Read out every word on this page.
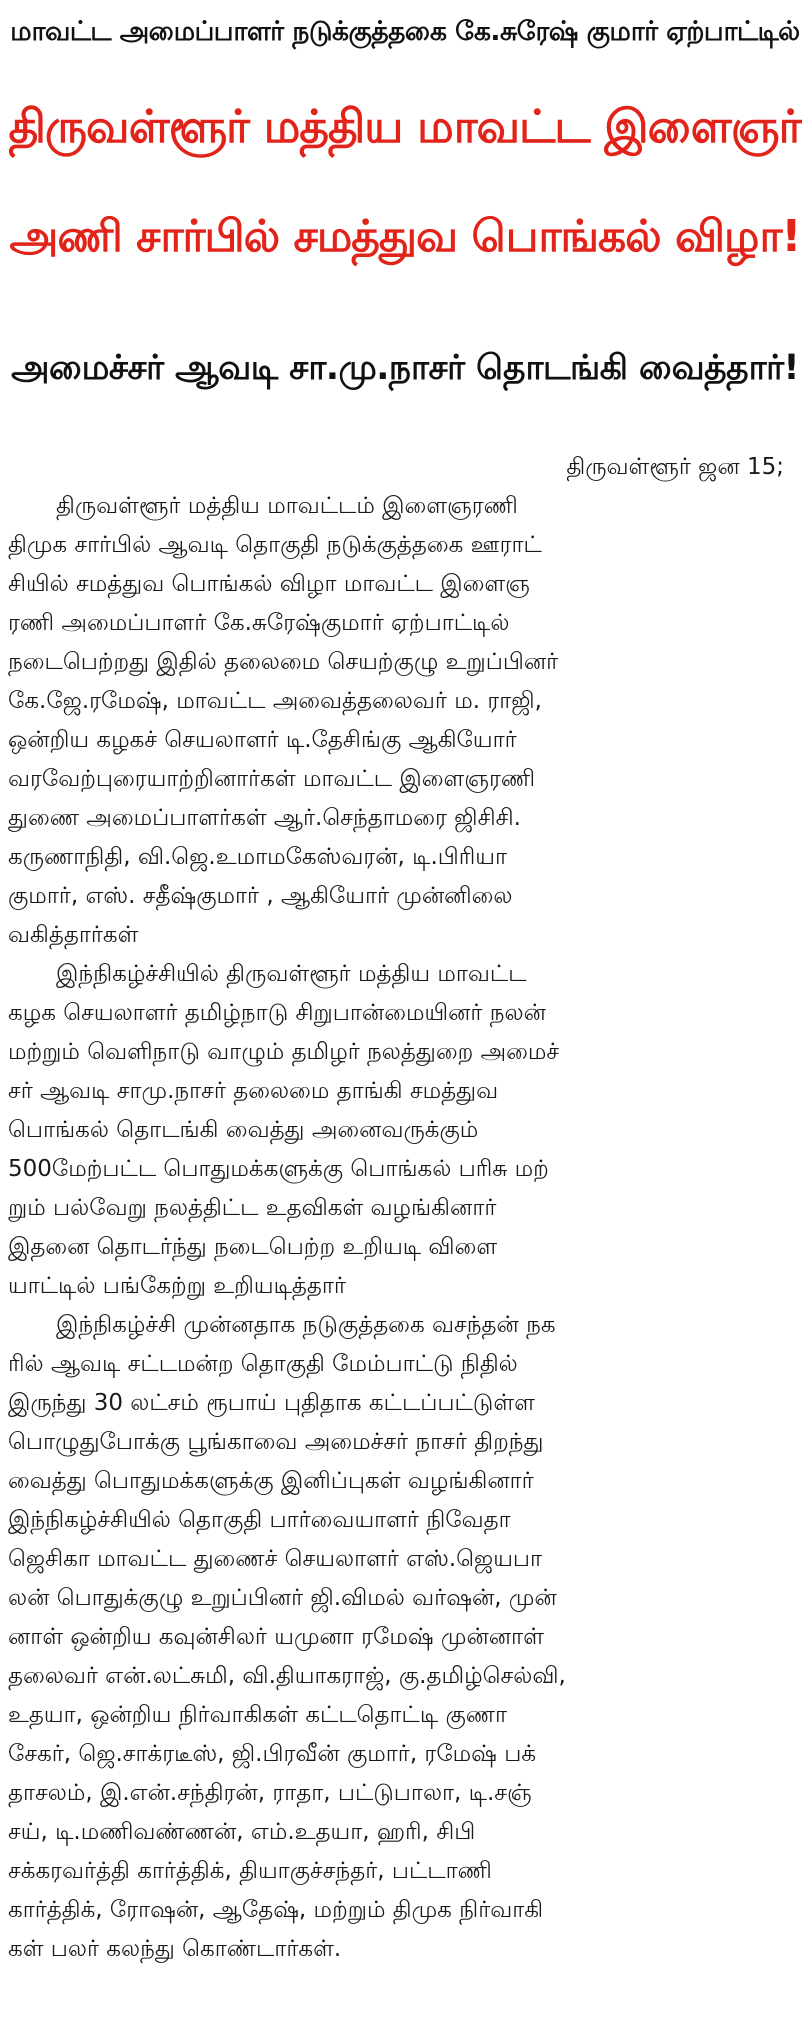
மாவட்ட அமைப்பாளர் நடுக்குத்தகை கே.சுரேஷ் குமார் ஏற்பாட்டில்
திருவள்ளூர் மத்திய மாவட்ட இளைஞர்
அணி சார்பில் சமத்துவ பொங்கல் விழா!
அமைச்சர் ஆவடி சா.மு.நாசர் தொடங்கி வைத்தார்!
திருவள்ளூர் ஜன 15;
திருவள்ளூர் மத்திய மாவட்டம் இளைஞரணி
திமுக சார்பில் ஆவடி தொகுதி நடுக்குத்தகை ஊராட்
சியில் சமத்துவ பொங்கல் விழா மாவட்ட இளைஞ
ரணி அமைப்பாளர் கே.சுரேஷ்குமார் ஏற்பாட்டில்
நடைபெற்றது இதில் தலைமை செயற்குழு உறுப்பினர்
கே.ஜே.ரமேஷ், மாவட்ட அவைத்தலைவர் ம. ராஜி,
ஒன்றிய கழகச் செயலாளர் டி.தேசிங்கு ஆகியோர்
வரவேற்புரையாற்றினார்கள் மாவட்ட இளைஞரணி
துணை அமைப்பாளர்கள் ஆர்.செந்தாமரை ஜிசிசி.
கருணாநிதி, வி.ஜெ.உமாமகேஸ்வரன், டி.பிரியா
குமார், எஸ். சதீஷ்குமார் , ஆகியோர் முன்னிலை
வகித்தார்கள்
இந்நிகழ்ச்சியில் திருவள்ளூர் மத்திய மாவட்ட
கழக செயலாளர் தமிழ்நாடு சிறுபான்மையினர் நலன்
மற்றும் வெளிநாடு வாழும் தமிழர் நலத்துறை அமைச்
சர் ஆவடி சாமு.நாசர் தலைமை தாங்கி சமத்துவ
பொங்கல் தொடங்கி வைத்து அனைவருக்கும்
500மேற்பட்ட பொதுமக்களுக்கு பொங்கல் பரிசு மற்
றும் பல்வேறு நலத்திட்ட உதவிகள் வழங்கினார்
இதனை தொடர்ந்து நடைபெற்ற உறியடி விளை
யாட்டில் பங்கேற்று உறியடித்தார்
இந்நிகழ்ச்சி முன்னதாக நடுகுத்தகை வசந்தன் நக
ரில் ஆவடி சட்டமன்ற தொகுதி மேம்பாட்டு நிதில்
இருந்து 30 லட்சம் ரூபாய் புதிதாக கட்டப்பட்டுள்ள
பொழுதுபோக்கு பூங்காவை அமைச்சர் நாசர் திறந்து
வைத்து பொதுமக்களுக்கு இனிப்புகள் வழங்கினார்
இந்நிகழ்ச்சியில் தொகுதி பார்வையாளர் நிவேதா
ஜெசிகா மாவட்ட துணைச் செயலாளர் எஸ்.ஜெயபா
லன் பொதுக்குழு உறுப்பினர் ஜி.விமல் வர்ஷன், முன்
னாள் ஒன்றிய கவுன்சிலர் யமுனா ரமேஷ் முன்னாள்
தலைவர் என்.லட்சுமி, வி.தியாகராஜ், கு.தமிழ்செல்வி,
உதயா, ஒன்றிய நிர்வாகிகள் கட்டதொட்டி குணா
சேகர், ஜெ.சாக்ரடீஸ், ஜி.பிரவீன் குமார், ரமேஷ் பக்
தாசலம், இ.என்.சந்திரன், ராதா, பட்டுபாலா, டி.சஞ்
சய், டி.மணிவண்ணன், எம்.உதயா, ஹரி, சிபி
சக்கரவர்த்தி கார்த்திக், தியாகுச்சந்தர், பட்டாணி
கார்த்திக், ரோஷன், ஆதேஷ், மற்றும் திமுக நிர்வாகி
கள் பலர் கலந்து கொண்டார்கள்.
